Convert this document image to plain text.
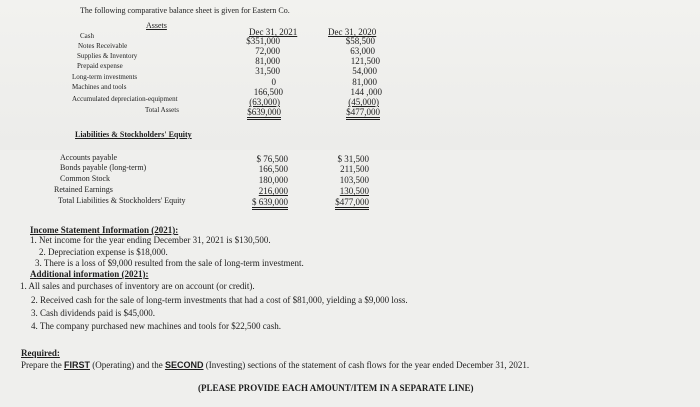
The following comparative balance sheet is given for Eastern Co.
Assets
Dec 31, 2021	Dec 31, 2020
Cash
Notes Receivable
Supplies & Inventory
Prepaid expense
Long-term investments
Machines and tools
Accumulated depreciation-equipment
Total Assets
$351,000
72,000
81,000
31,500
0
166,500
(63,000)
$639,000
$58,500
63,000
121,500
54,000
81,000
144 ,000
(45,000)
$477,000
Liabilities & Stockholders' Equity
Accounts payable
Bonds payable (long-term)
Common Stock
Retained Earnings
Total Liabilities & Stockholders' Equity
$ 76,500
166,500
180,000
216,000
$ 639,000
$ 31,500
211,500
103,500
130,500
$477,000
Income Statement Information (2021):
1. Net income for the year ending December 31, 2021 is $130,500.
2. Depreciation expense is $18,000.
3. There is a loss of $9,000 resulted from the sale of long-term investment.
Additional information (2021):
1. All sales and purchases of inventory are on account (or credit).
2. Received cash for the sale of long-term investments that had a cost of $81,000, yielding a $9,000 loss.
3. Cash dividends paid is $45,000.
4. The company purchased new machines and tools for $22,500 cash.
Required:
Prepare the FIRST (Operating) and the SECOND (Investing) sections of the statement of cash flows for the year ended December 31, 2021.
(PLEASE PROVIDE EACH AMOUNT/ITEM IN A SEPARATE LINE)
